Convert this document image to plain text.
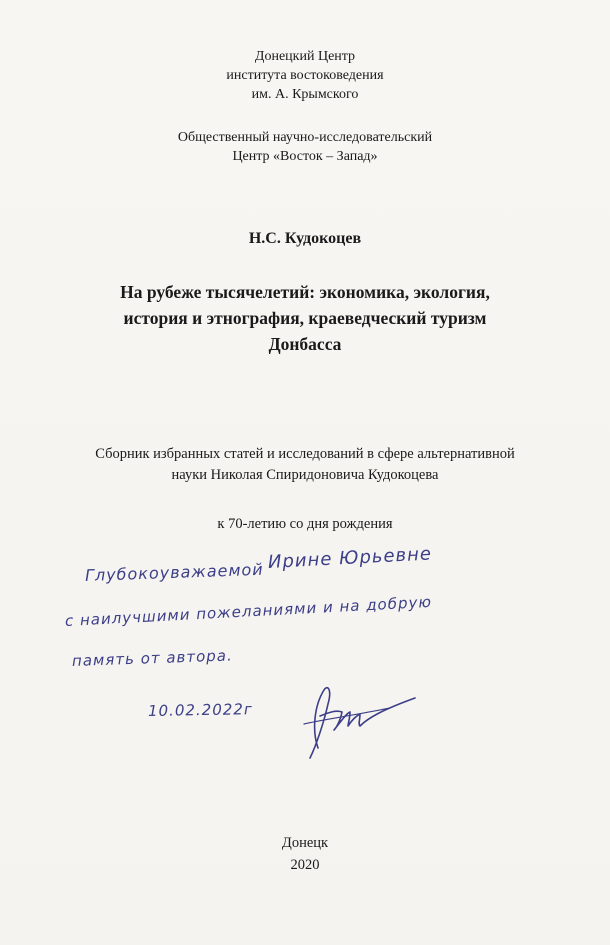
Донецкий Центр
института востоковедения
им. А. Крымского
Общественный научно-исследовательский
Центр «Восток – Запад»
Н.С. Кудокоцев
На рубеже тысячелетий: экономика, экология,
история и этнография, краеведческий туризм
Донбасса
Сборник избранных статей и исследований в сфере альтернативной
науки Николая Спиридоновича Кудокоцева
к 70-летию со дня рождения
Глубокоуважаемой Ирине Юрьевне
с наилучшими пожеланиями и на добрую
память от автора.
10.02.2022г
Донецк
2020
